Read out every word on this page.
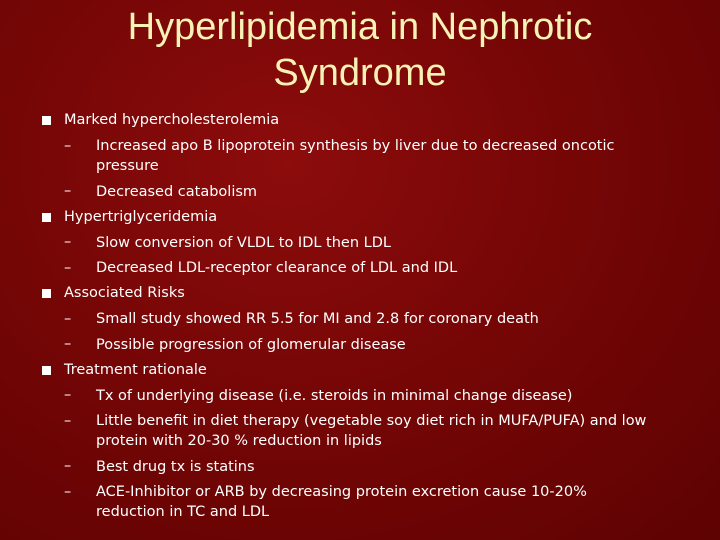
Hyperlipidemia in Nephrotic Syndrome
Marked hypercholesterolemia
– Increased apo B lipoprotein synthesis by liver due to decreased oncotic pressure
– Decreased catabolism
Hypertriglyceridemia
– Slow conversion of VLDL to IDL then LDL
– Decreased LDL-receptor clearance of LDL and IDL
Associated Risks
– Small study showed RR 5.5 for MI and 2.8 for coronary death
– Possible progression of glomerular disease
Treatment rationale
– Tx of underlying disease (i.e. steroids in minimal change disease)
– Little benefit in diet therapy (vegetable soy diet rich in MUFA/PUFA) and low protein with 20-30 % reduction in lipids
– Best drug tx is statins
– ACE-Inhibitor or ARB by decreasing protein excretion cause 10-20% reduction in TC and LDL
